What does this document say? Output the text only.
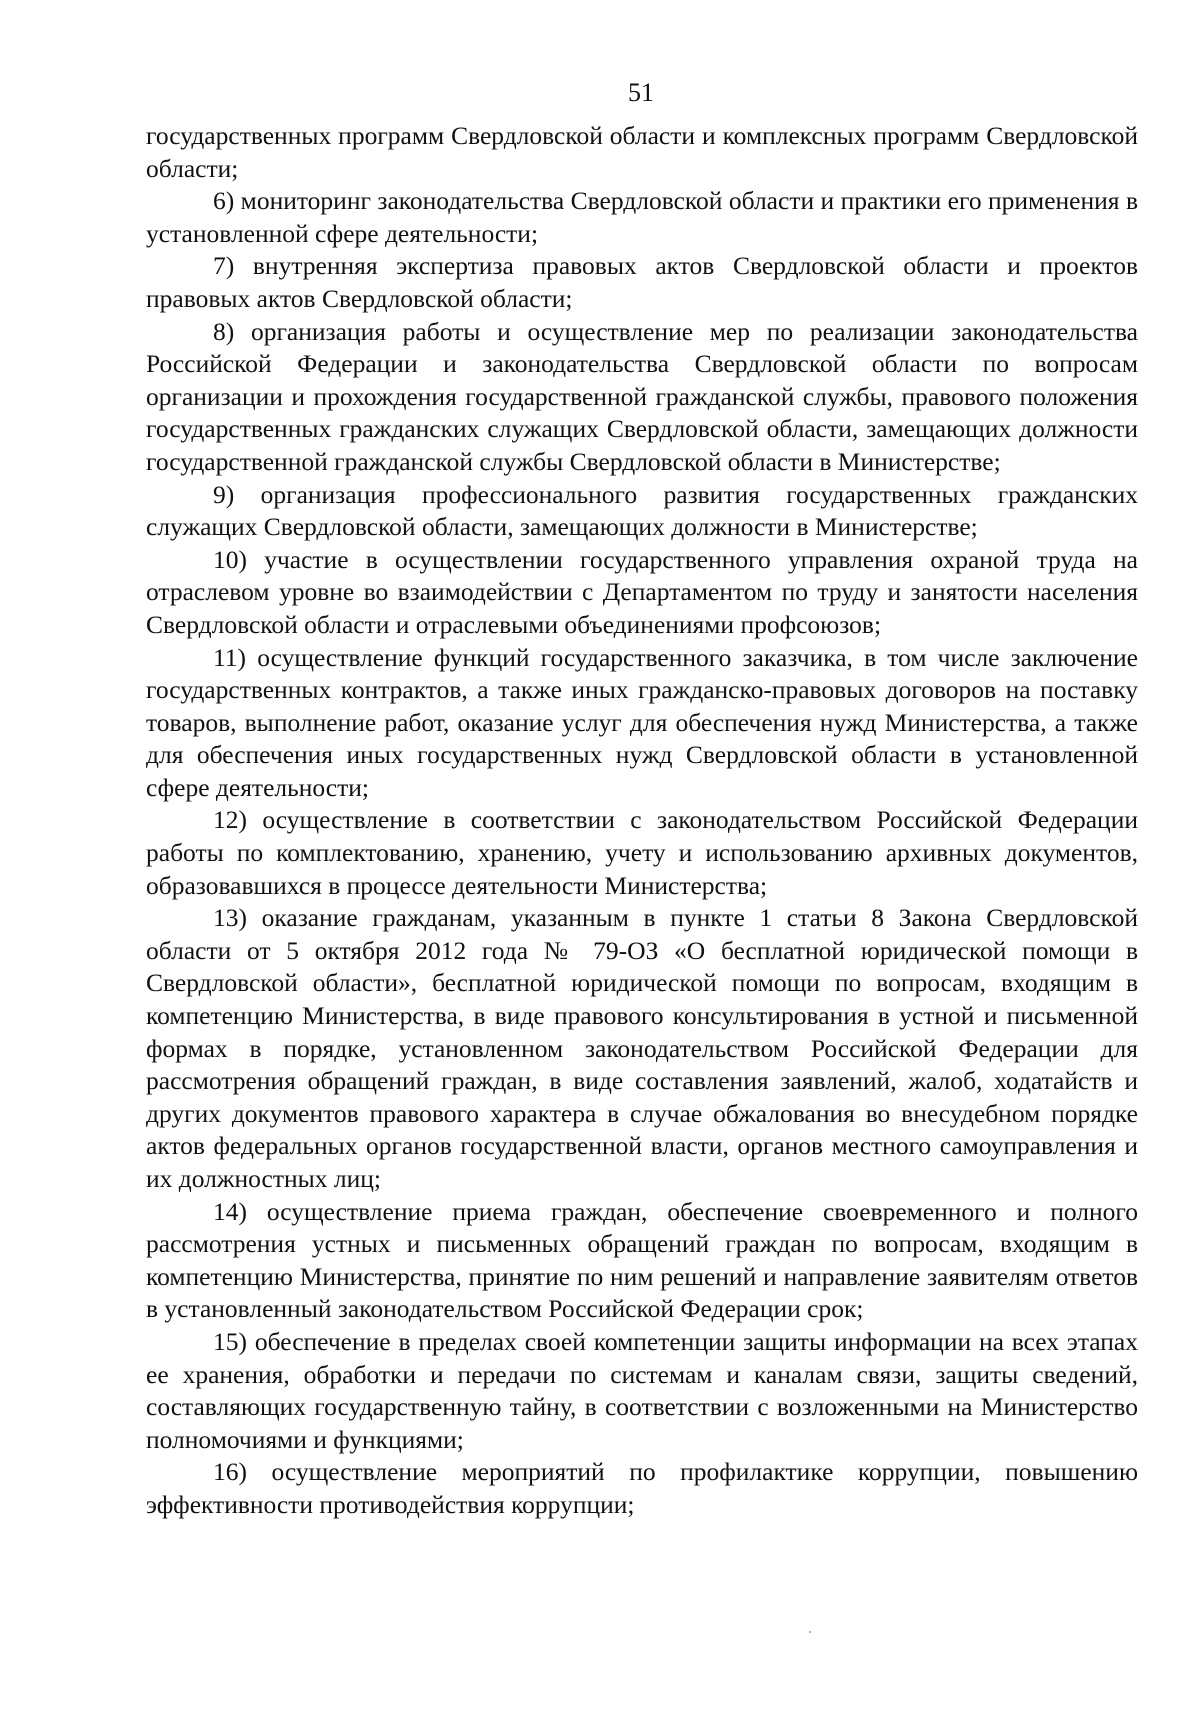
51

государственных программ Свердловской области и комплексных программ Свердловской области;

6) мониторинг законодательства Свердловской области и практики его применения в установленной сфере деятельности;

7) внутренняя экспертиза правовых актов Свердловской области и проектов правовых актов Свердловской области;

8) организация работы и осуществление мер по реализации законодательства Российской Федерации и законодательства Свердловской области по вопросам организации и прохождения государственной гражданской службы, правового положения государственных гражданских служащих Свердловской области, замещающих должности государственной гражданской службы Свердловской области в Министерстве;

9) организация профессионального развития государственных гражданских служащих Свердловской области, замещающих должности в Министерстве;

10) участие в осуществлении государственного управления охраной труда на отраслевом уровне во взаимодействии с Департаментом по труду и занятости населения Свердловской области и отраслевыми объединениями профсоюзов;

11) осуществление функций государственного заказчика, в том числе заключение государственных контрактов, а также иных гражданско-правовых договоров на поставку товаров, выполнение работ, оказание услуг для обеспечения нужд Министерства, а также для обеспечения иных государственных нужд Свердловской области в установленной сфере деятельности;

12) осуществление в соответствии с законодательством Российской Федерации работы по комплектованию, хранению, учету и использованию архивных документов, образовавшихся в процессе деятельности Министерства;

13) оказание гражданам, указанным в пункте 1 статьи 8 Закона Свердловской области от 5 октября 2012 года № 79-ОЗ «О бесплатной юридической помощи в Свердловской области», бесплатной юридической помощи по вопросам, входящим в компетенцию Министерства, в виде правового консультирования в устной и письменной формах в порядке, установленном законодательством Российской Федерации для рассмотрения обращений граждан, в виде составления заявлений, жалоб, ходатайств и других документов правового характера в случае обжалования во внесудебном порядке актов федеральных органов государственной власти, органов местного самоуправления и их должностных лиц;

14) осуществление приема граждан, обеспечение своевременного и полного рассмотрения устных и письменных обращений граждан по вопросам, входящим в компетенцию Министерства, принятие по ним решений и направление заявителям ответов в установленный законодательством Российской Федерации срок;

15) обеспечение в пределах своей компетенции защиты информации на всех этапах ее хранения, обработки и передачи по системам и каналам связи, защиты сведений, составляющих государственную тайну, в соответствии с возложенными на Министерство полномочиями и функциями;

16) осуществление мероприятий по профилактике коррупции, повышению эффективности противодействия коррупции;
